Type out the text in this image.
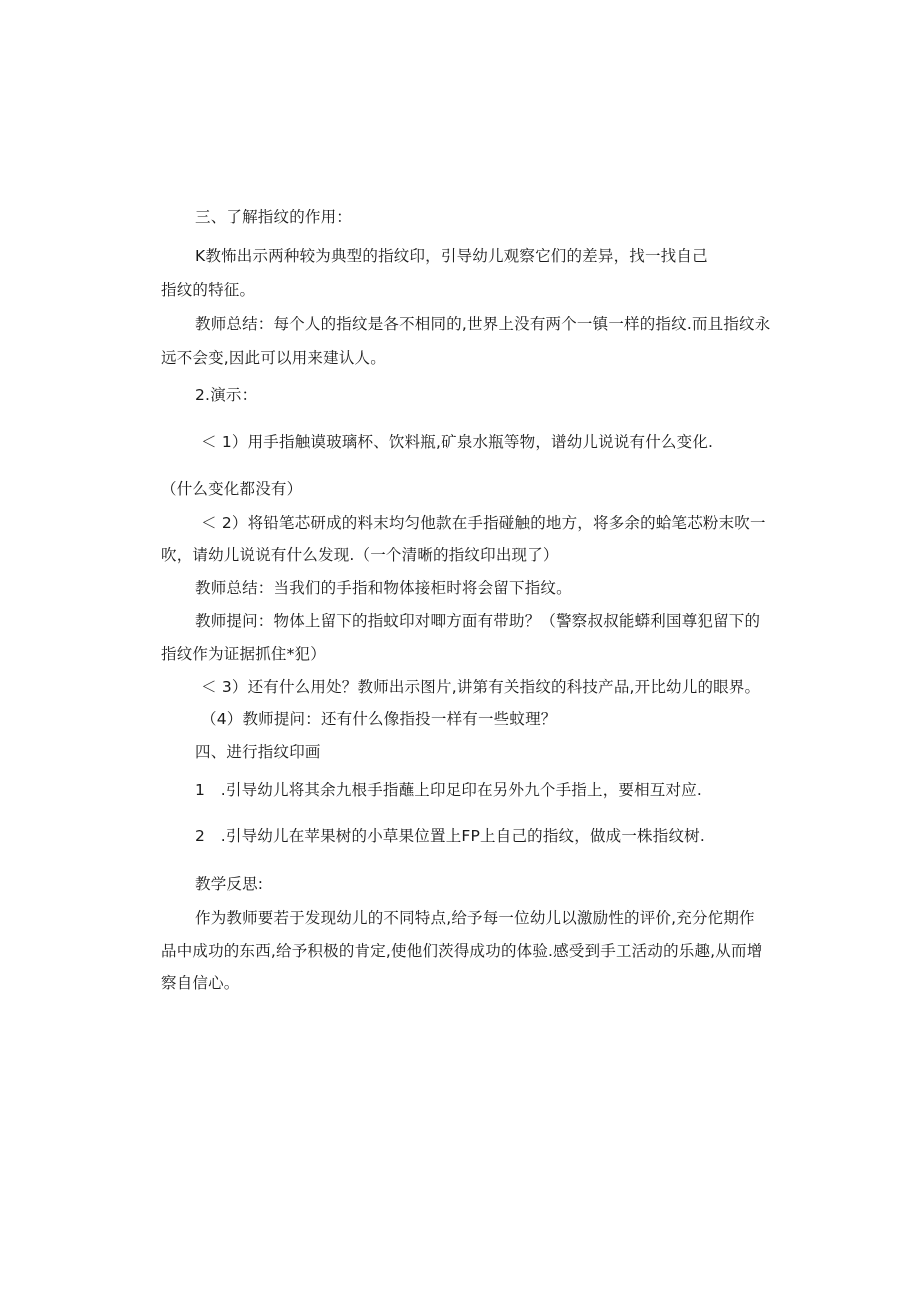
三、了解指纹的作用：
K教怖出示两种较为典型的指纹印，引导幼儿观察它们的差异，找一找自己
指纹的特征。
教师总结：每个人的指纹是各不相同的,世界上没有两个一镇一样的指纹.而且指纹永
远不会变,因此可以用来建认人。
2.演示：
＜ 1）用手指触谟玻璃杯、饮料瓶,矿泉水瓶等物，谱幼儿说说有什么变化.
（什么变化都没有）
＜ 2）将铅笔芯研成的料末均匀他款在手指碰触的地方，将多余的蛤笔芯粉末吹一
吹，请幼儿说说有什么发现.（一个清晰的指纹印出现了）
教师总结：当我们的手指和物体接柜时将会留下指纹。
教师提问：物体上留下的指蚊印对唧方面有带助？（警察叔叔能蟒利国尊犯留下的
指纹作为证据抓住*犯）
＜ 3）还有什么用处？教师出示图片,讲第有关指纹的科技产品,开比幼儿的眼界。
（4）教师提问：还有什么像指投一样有一些蚊理？
四、进行指纹印画
1　.引导幼儿将其余九根手指蘸上印足印在另外九个手指上，要相互对应.
2　.引导幼儿在苹果树的小草果位置上FP上自己的指纹，做成一株指纹树.
教学反思:
作为教师要若于发现幼儿的不同特点,给予每一位幼儿以激励性的评价,充分佗期作
品中成功的东西,给予积极的肯定,使他们茨得成功的体验.感受到手工活动的乐趣,从而增
察自信心。
